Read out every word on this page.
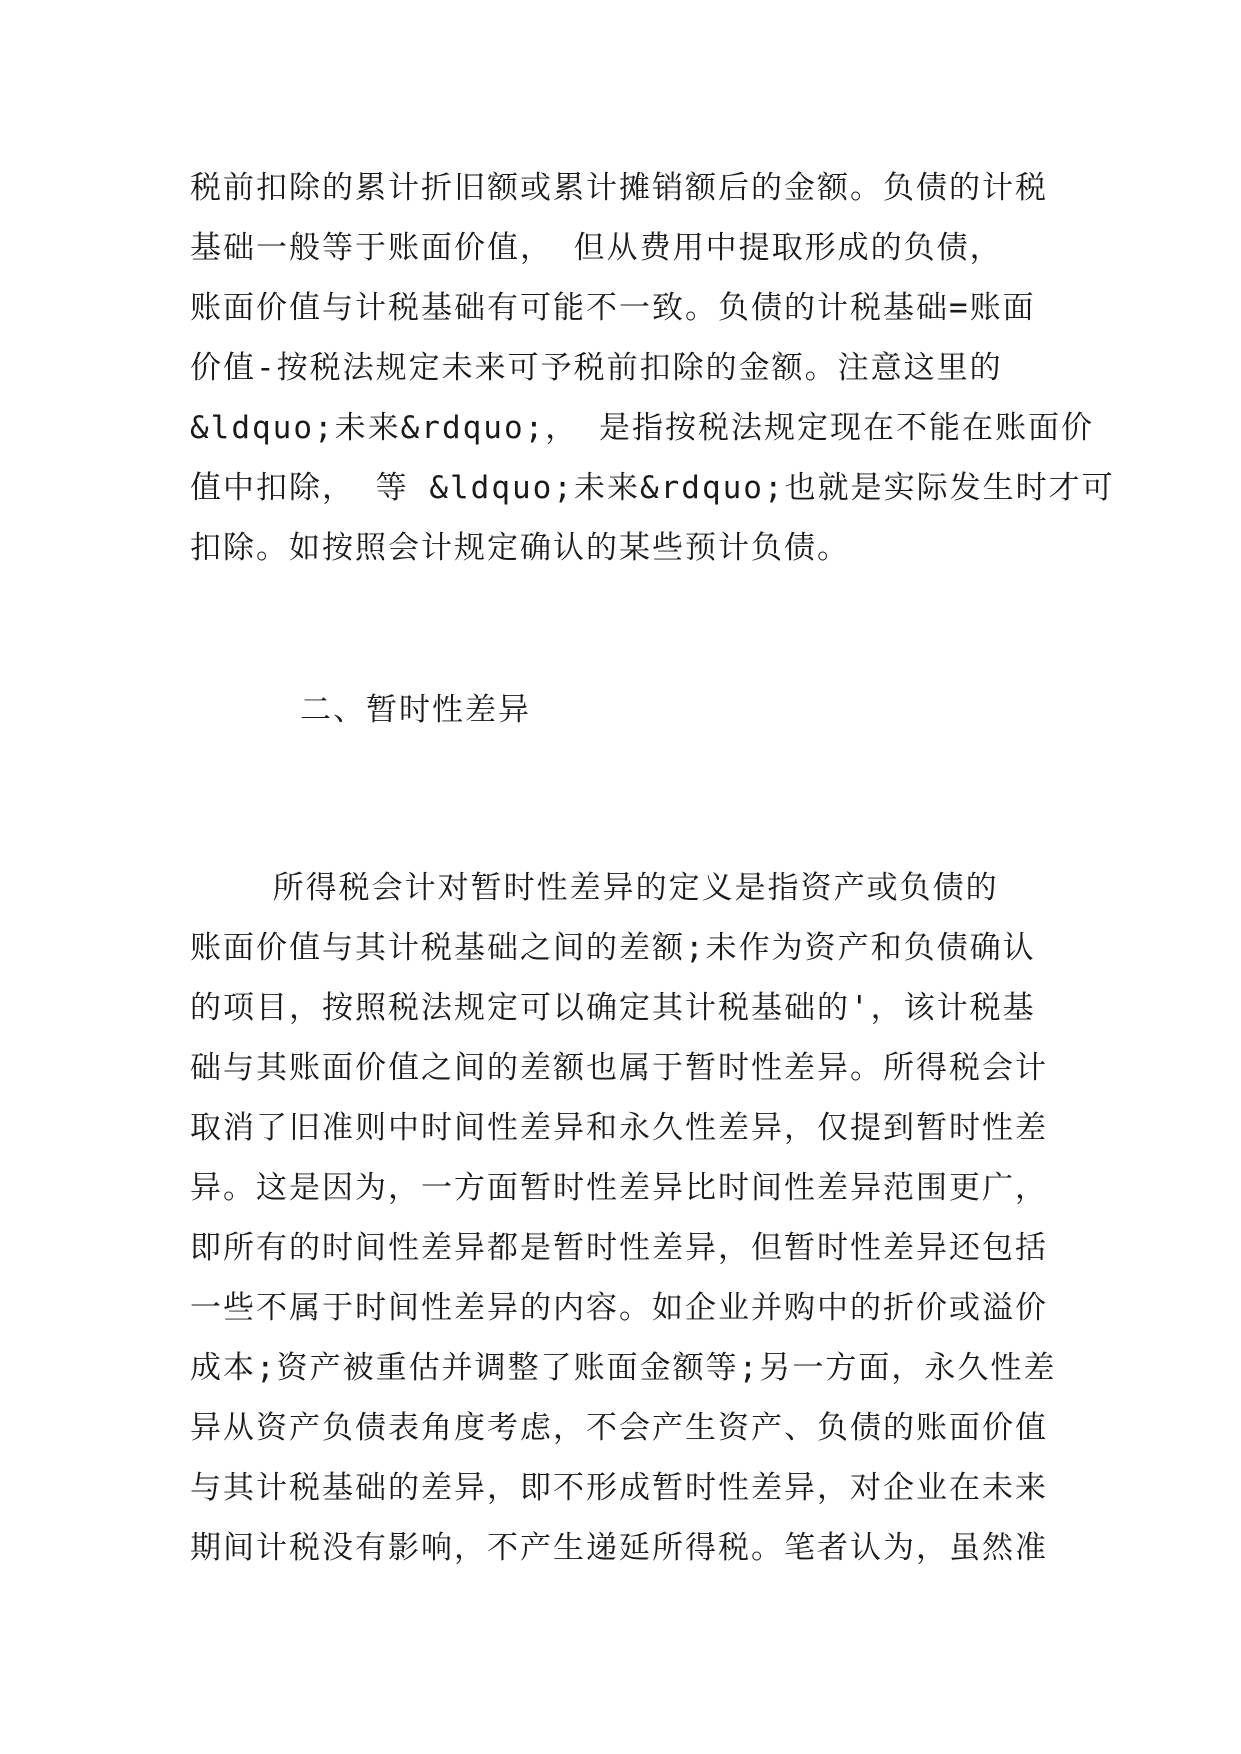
税前扣除的累计折旧额或累计摊销额后的金额。负债的计税
基础一般等于账面价值， 但从费用中提取形成的负债，
账面价值与计税基础有可能不一致。负债的计税基础=账面
价值-按税法规定未来可予税前扣除的金额。注意这里的
&ldquo;未来&rdquo;， 是指按税法规定现在不能在账面价
值中扣除， 等 &ldquo;未来&rdquo;也就是实际发生时才可
扣除。如按照会计规定确认的某些预计负债。
二、暂时性差异
所得税会计对暂时性差异的定义是指资产或负债的
账面价值与其计税基础之间的差额;未作为资产和负债确认
的项目，按照税法规定可以确定其计税基础的'，该计税基
础与其账面价值之间的差额也属于暂时性差异。所得税会计
取消了旧准则中时间性差异和永久性差异，仅提到暂时性差
异。这是因为，一方面暂时性差异比时间性差异范围更广，
即所有的时间性差异都是暂时性差异，但暂时性差异还包括
一些不属于时间性差异的内容。如企业并购中的折价或溢价
成本;资产被重估并调整了账面金额等;另一方面，永久性差
异从资产负债表角度考虑，不会产生资产、负债的账面价值
与其计税基础的差异，即不形成暂时性差异，对企业在未来
期间计税没有影响，不产生递延所得税。笔者认为，虽然准
